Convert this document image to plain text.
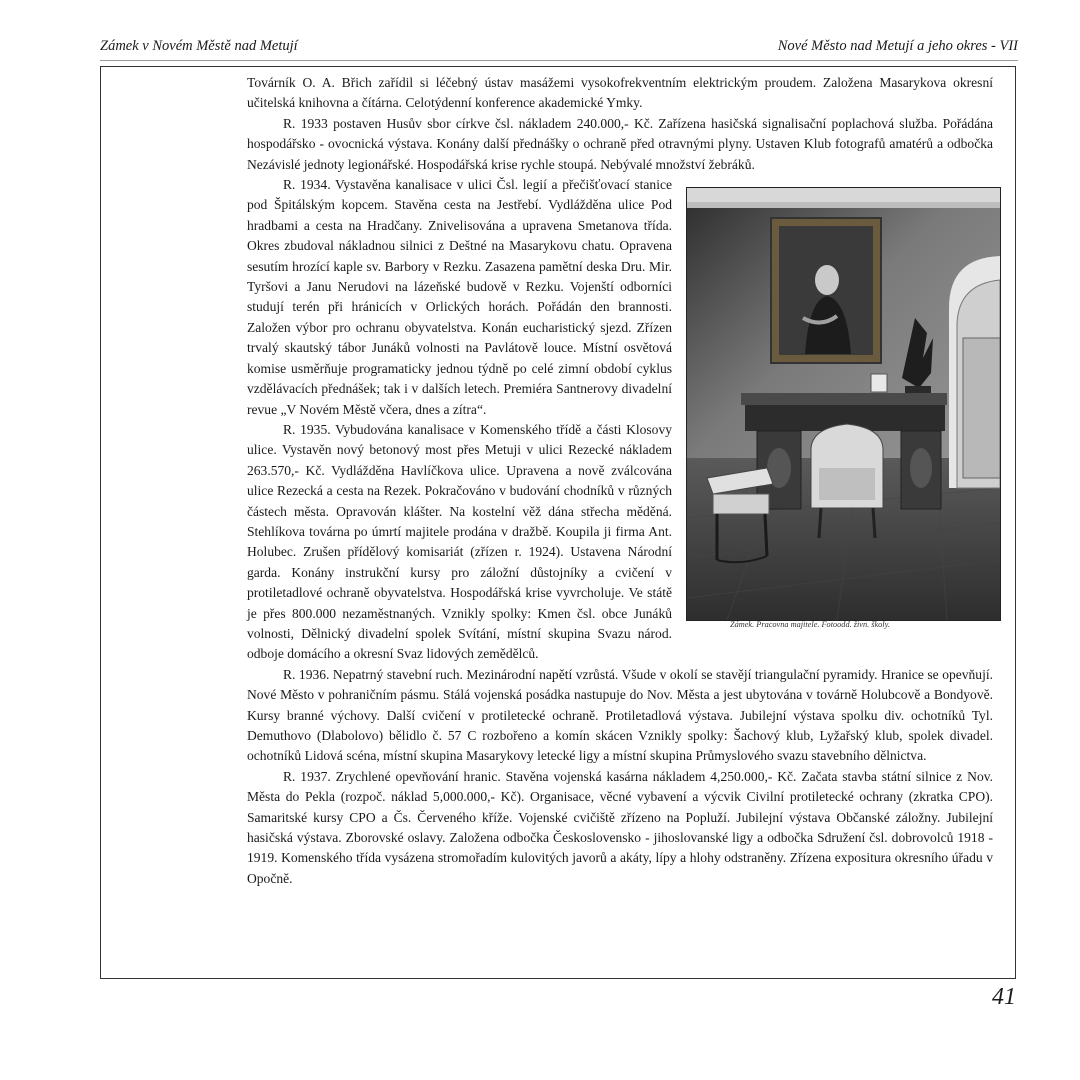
Zámek v Novém Městě nad Metují	Nové Město nad Metují a jeho okres - VII

Továrník O. A. Břich zařídil si léčebný ústav masážemi vysokofrekventním elektrickým proudem. Založena Masarykova okresní učitelská knihovna a čítárna. Celotýdenní konference akademické Ymky.

R. 1933 postaven Husův sbor církve čsl. nákladem 240.000,- Kč. Zařízena hasičská signalisační poplachová služba. Pořádána hospodářsko - ovocnická výstava. Konány další přednášky o ochraně před otravnými plyny. Ustaven Klub fotografů amatérů a odbočka Nezávislé jednoty legionářské. Hospodářská krise rychle stoupá. Nebývalé množství žebráků.

Zámek. Pracovna majitele. Fotoodd. živn. školy.
R. 1934. Vystavěna kanalisace v ulici Čsl. legií a přečišťovací stanice pod Špitálským kopcem. Stavěna cesta na Jestřebí. Vydlážděna ulice Pod hradbami a cesta na Hradčany. Znivelisována a upravena Smetanova třída. Okres zbudoval nákladnou silnici z Deštné na Masarykovu chatu. Opravena sesutím hrozící kaple sv. Barbory v Rezku. Zasazena pamětní deska Dru. Mir. Tyršovi a Janu Nerudovi na lázeňské budově v Rezku. Vojenští odborníci studují terén při hránicích v Orlických horách. Pořádán den brannosti. Založen výbor pro ochranu obyvatelstva. Konán eucharistický sjezd. Zřízen trvalý skautský tábor Junáků volnosti na Pavlátově louce. Místní osvětová komise usměrňuje programaticky jednou týdně po celé zimní období cyklus vzdělávacích přednášek; tak i v dalších letech. Premiéra Santnerovy divadelní revue „V Novém Městě včera, dnes a zítra“.

R. 1935. Vybudována kanalisace v Komenského třídě a části Klosovy ulice. Vystavěn nový betonový most přes Metuji v ulici Rezecké nákladem 263.570,- Kč. Vydlážděna Havlíčkova ulice. Upravena a nově zválcována ulice Rezecká a cesta na Rezek. Pokračováno v budování chodníků v různých částech města. Opravován klášter. Na kostelní věž dána střecha měděná. Stehlíkova továrna po úmrtí majitele prodána v dražbě. Koupila ji firma Ant. Holubec. Zrušen přídělový komisariát (zřízen r. 1924). Ustavena Národní garda. Konány instrukční kursy pro záložní důstojníky a cvičení v protiletadlové ochraně obyvatelstva. Hospodářská krise vyvrcholuje. Ve státě je přes 800.000 nezaměstnaných. Vznikly spolky: Kmen čsl. obce Junáků volnosti, Dělnický divadelní spolek Svítání, místní skupina Svazu národ. odboje domácího a okresní Svaz lidových zemědělců.

R. 1936. Nepatrný stavební ruch. Mezinárodní napětí vzrůstá. Všude v okolí se stavějí triangulační pyramidy. Hranice se opevňují. Nové Město v pohraničním pásmu. Stálá vojenská posádka nastupuje do Nov. Města a jest ubytována v továrně Holubcově a Bondyově. Kursy branné výchovy. Další cvičení v protiletecké ochraně. Protiletadlová výstava. Jubilejní výstava spolku div. ochotníků Tyl. Demuthovo (Dlabolovo) bělidlo č. 57 C rozbořeno a komín skácen Vznikly spolky: Šachový klub, Lyžařský klub, spolek divadel. ochotníků Lidová scéna, místní skupina Masarykovy letecké ligy a místní skupina Průmyslového svazu stavebního dělnictva.

R. 1937. Zrychlené opevňování hranic. Stavěna vojenská kasárna nákladem 4,250.000,- Kč. Začata stavba státní silnice z Nov. Města do Pekla (rozpoč. náklad 5,000.000,- Kč). Organisace, věcné vybavení a výcvik Civilní protiletecké ochrany (zkratka CPO). Samaritské kursy CPO a Čs. Červeného kříže. Vojenské cvičiště zřízeno na Popluží. Jubilejní výstava Občanské záložny. Jubilejní hasičská výstava. Zborovské oslavy. Založena odbočka Československo - jihoslovanské ligy a odbočka Sdružení čsl. dobrovolců 1918 - 1919. Komenského třída vysázena stromořadím kulovitých javorů a akáty, lípy a hlohy odstraněny. Zřízena expositura okresního úřadu v Opočně.

41
